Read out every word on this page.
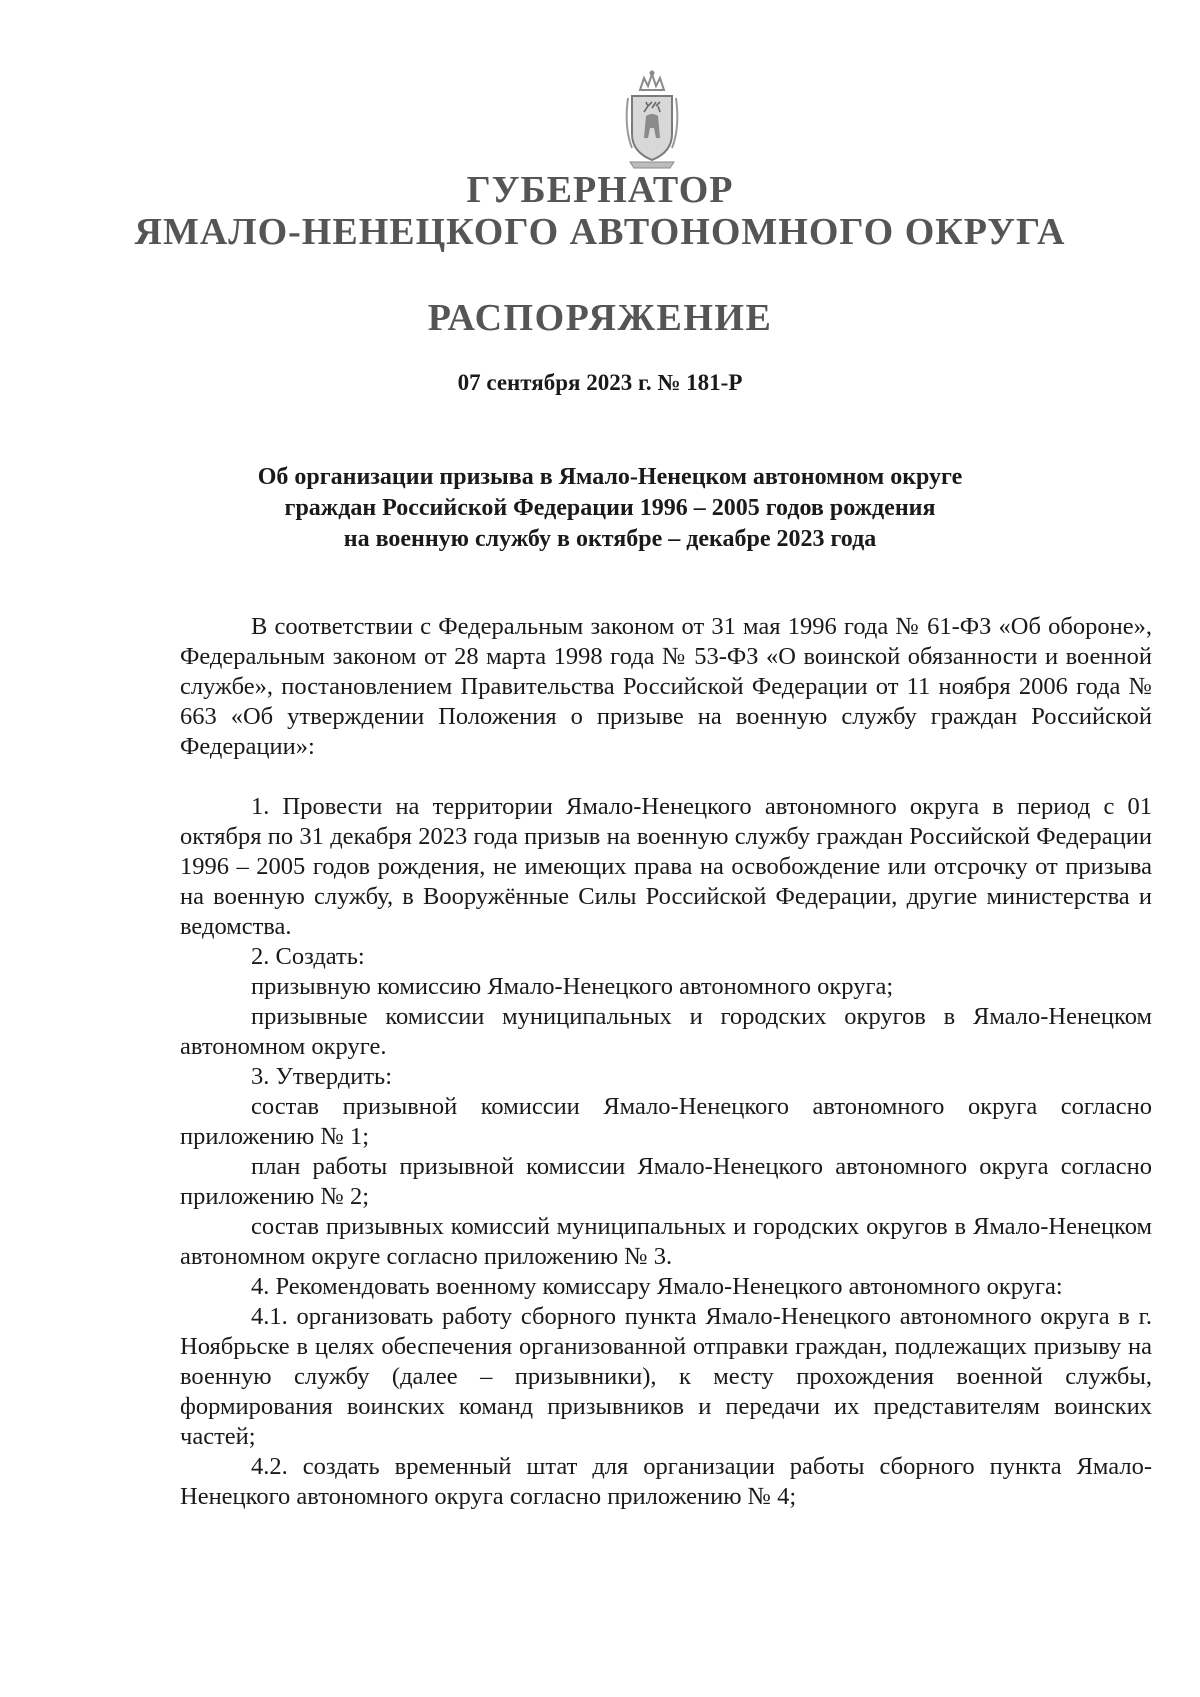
ГУБЕРНАТОР
ЯМАЛО-НЕНЕЦКОГО АВТОНОМНОГО ОКРУГА
РАСПОРЯЖЕНИЕ
07 сентября 2023 г. № 181-Р
Об организации призыва в Ямало-Ненецком автономном округе
граждан Российской Федерации 1996 – 2005 годов рождения
на военную службу в октябре – декабре 2023 года

В соответствии с Федеральным законом от 31 мая 1996 года № 61-ФЗ «Об обороне», Федеральным законом от 28 марта 1998 года № 53-ФЗ «О воинской обязанности и военной службе», постановлением Правительства Российской Федерации от 11 ноября 2006 года № 663 «Об утверждении Положения о призыве на военную службу граждан Российской Федерации»:

1. Провести на территории Ямало-Ненецкого автономного округа в период с 01 октября по 31 декабря 2023 года призыв на военную службу граждан Российской Федерации 1996 – 2005 годов рождения, не имеющих права на освобождение или отсрочку от призыва на военную службу, в Вооружённые Силы Российской Федерации, другие министерства и ведомства.

2. Создать:

призывную комиссию Ямало-Ненецкого автономного округа;

призывные комиссии муниципальных и городских округов в Ямало-Ненецком автономном округе.

3. Утвердить:

состав призывной комиссии Ямало-Ненецкого автономного округа согласно приложению № 1;

план работы призывной комиссии Ямало-Ненецкого автономного округа согласно приложению № 2;

состав призывных комиссий муниципальных и городских округов в Ямало-Ненецком автономном округе согласно приложению № 3.

4. Рекомендовать военному комиссару Ямало-Ненецкого автономного округа:

4.1. организовать работу сборного пункта Ямало-Ненецкого автономного округа в г. Ноябрьске в целях обеспечения организованной отправки граждан, подлежащих призыву на военную службу (далее – призывники), к месту прохождения военной службы, формирования воинских команд призывников и передачи их представителям воинских частей;

4.2. создать временный штат для организации работы сборного пункта Ямало-Ненецкого автономного округа согласно приложению № 4;
